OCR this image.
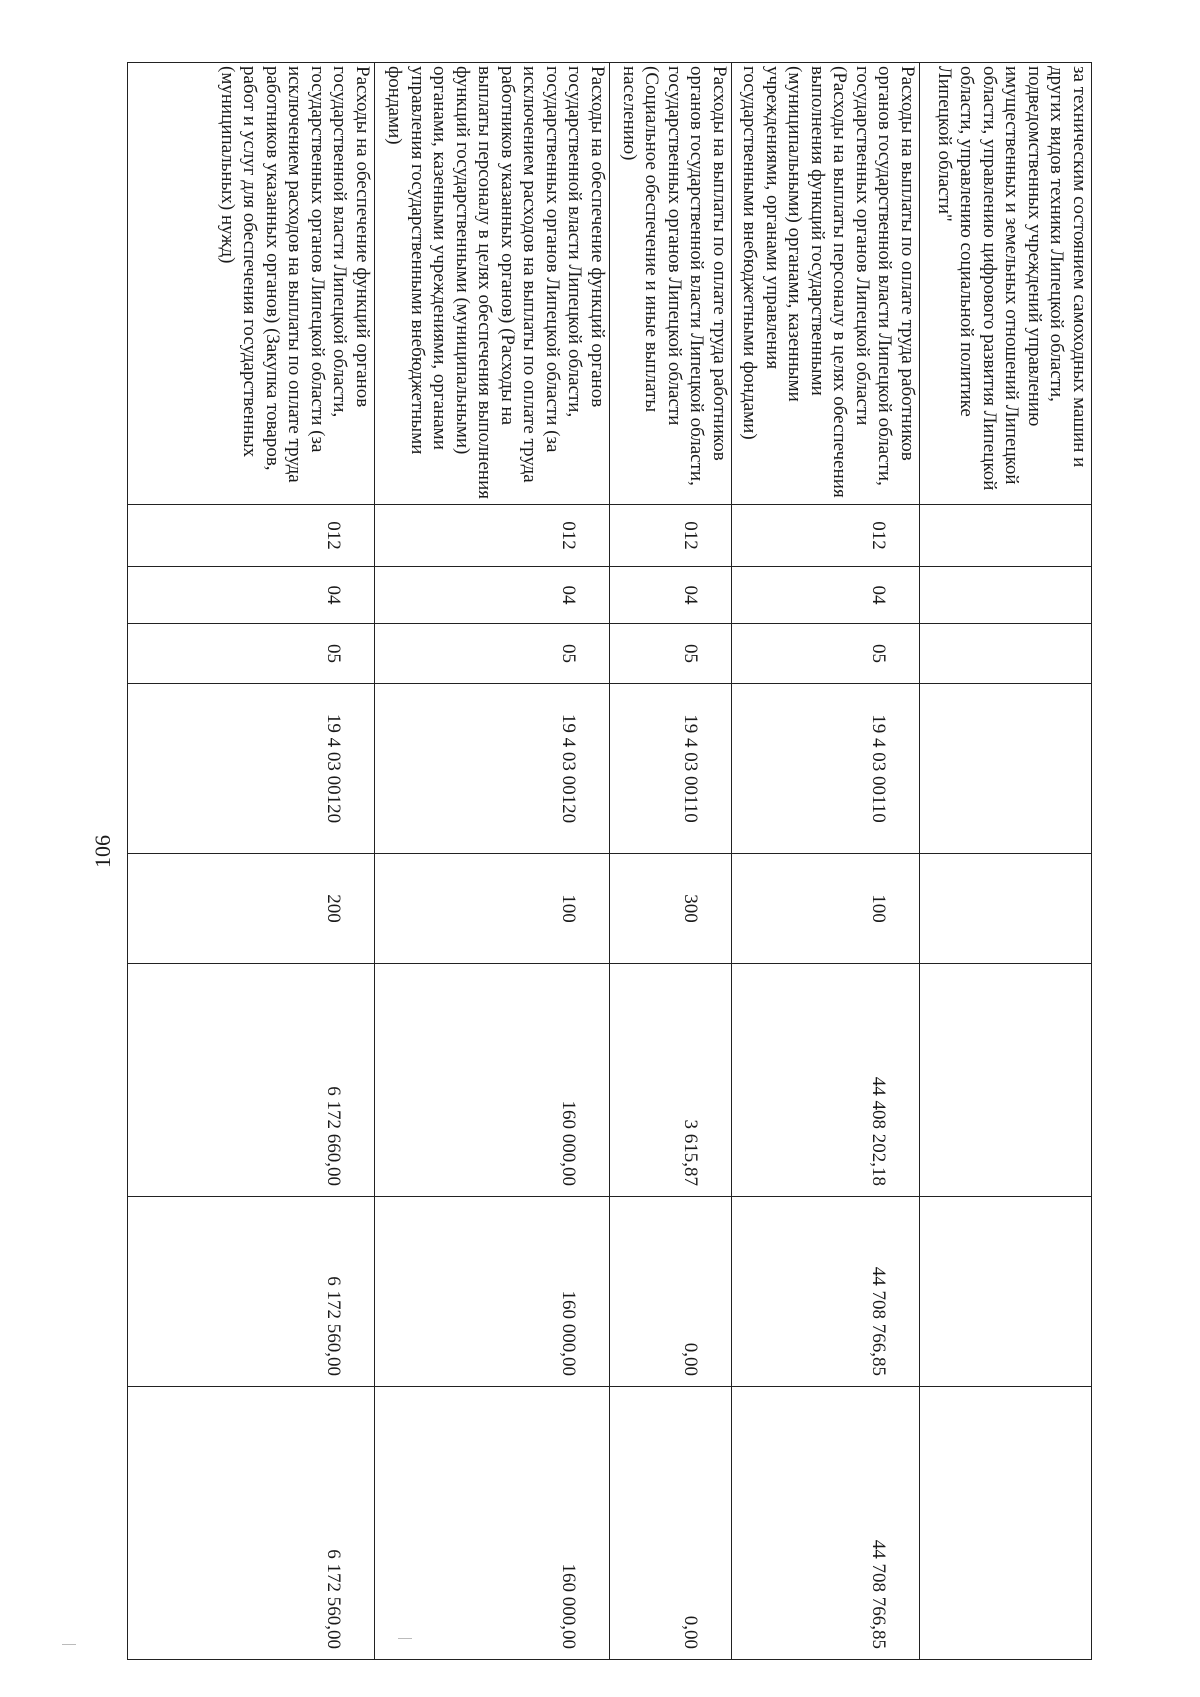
106
за техническим состоянием самоходных машин и других видов техники Липецкой области, подведомственных учреждений управлению имущественных и земельных отношений Липецкой области, управлению цифрового развития Липецкой области, управлению социальной политике Липецкой области"								
Расходы на выплаты по оплате труда работников органов государственной власти Липецкой области, государственных органов Липецкой области (Расходы на выплаты персоналу в целях обеспечения выполнения функций государственными (муниципальными) органами, казенными учреждениями, органами управления государственными внебюджетными фондами)	012	04	05	19 4 03 00110	100	44 408 202,18	44 708 766,85	44 708 766,85
Расходы на выплаты по оплате труда работников органов государственной власти Липецкой области, государственных органов Липецкой области (Социальное обеспечение и иные выплаты населению)	012	04	05	19 4 03 00110	300	3 615,87	0,00	0,00
Расходы на обеспечение функций органов государственной власти Липецкой области, государственных органов Липецкой области (за исключением расходов на выплаты по оплате труда работников указанных органов) (Расходы на выплаты персоналу в целях обеспечения выполнения функций государственными (муниципальными) органами, казенными учреждениями, органами управления государственными внебюджетными фондами)	012	04	05	19 4 03 00120	100	160 000,00	160 000,00	160 000,00
Расходы на обеспечение функций органов государственной власти Липецкой области, государственных органов Липецкой области (за исключением расходов на выплаты по оплате труда работников указанных органов) (Закупка товаров, работ и услуг для обеспечения государственных (муниципальных) нужд)	012	04	05	19 4 03 00120	200	6 172 660,00	6 172 560,00	6 172 560,00
